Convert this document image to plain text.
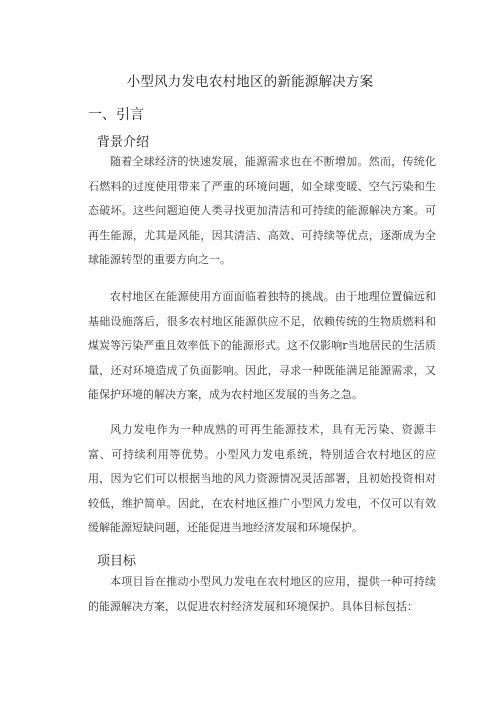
小型风力发电农村地区的新能源解决方案
一、引言
背景介绍

随着全球经济的快速发展，能源需求也在不断增加。然而，传统化石燃料的过度使用带来了严重的环境问题，如全球变暖、空气污染和生态破坏。这些问题迫使人类寻找更加清洁和可持续的能源解决方案。可再生能源，尤其是风能，因其清洁、高效、可持续等优点，逐渐成为全球能源转型的重要方向之一。

农村地区在能源使用方面面临着独特的挑战。由于地理位置偏远和基础设施落后，很多农村地区能源供应不足，依赖传统的生物质燃料和煤炭等污染严重且效率低下的能源形式。这不仅影响r当地居民的生活质量，还对环境造成了负面影响。因此，寻求一种既能满足能源需求，又能保护环境的解决方案，成为农村地区发展的当务之急。

风力发电作为一种成熟的可再生能源技术，具有无污染、资源丰富、可持续利用等优势。小型风力发电系统，特别适合农村地区的应用，因为它们可以根据当地的风力资源情况灵活部署，且初始投资相对较低，维护简单。因此，在农村地区推广小型风力发电，不仅可以有效缓解能源短缺问题，还能促进当地经济发展和环境保护。

项目标

本项目旨在推动小型风力发电在农村地区的应用，提供一种可持续的能源解决方案，以促进农村经济发展和环境保护。具体目标包括：
